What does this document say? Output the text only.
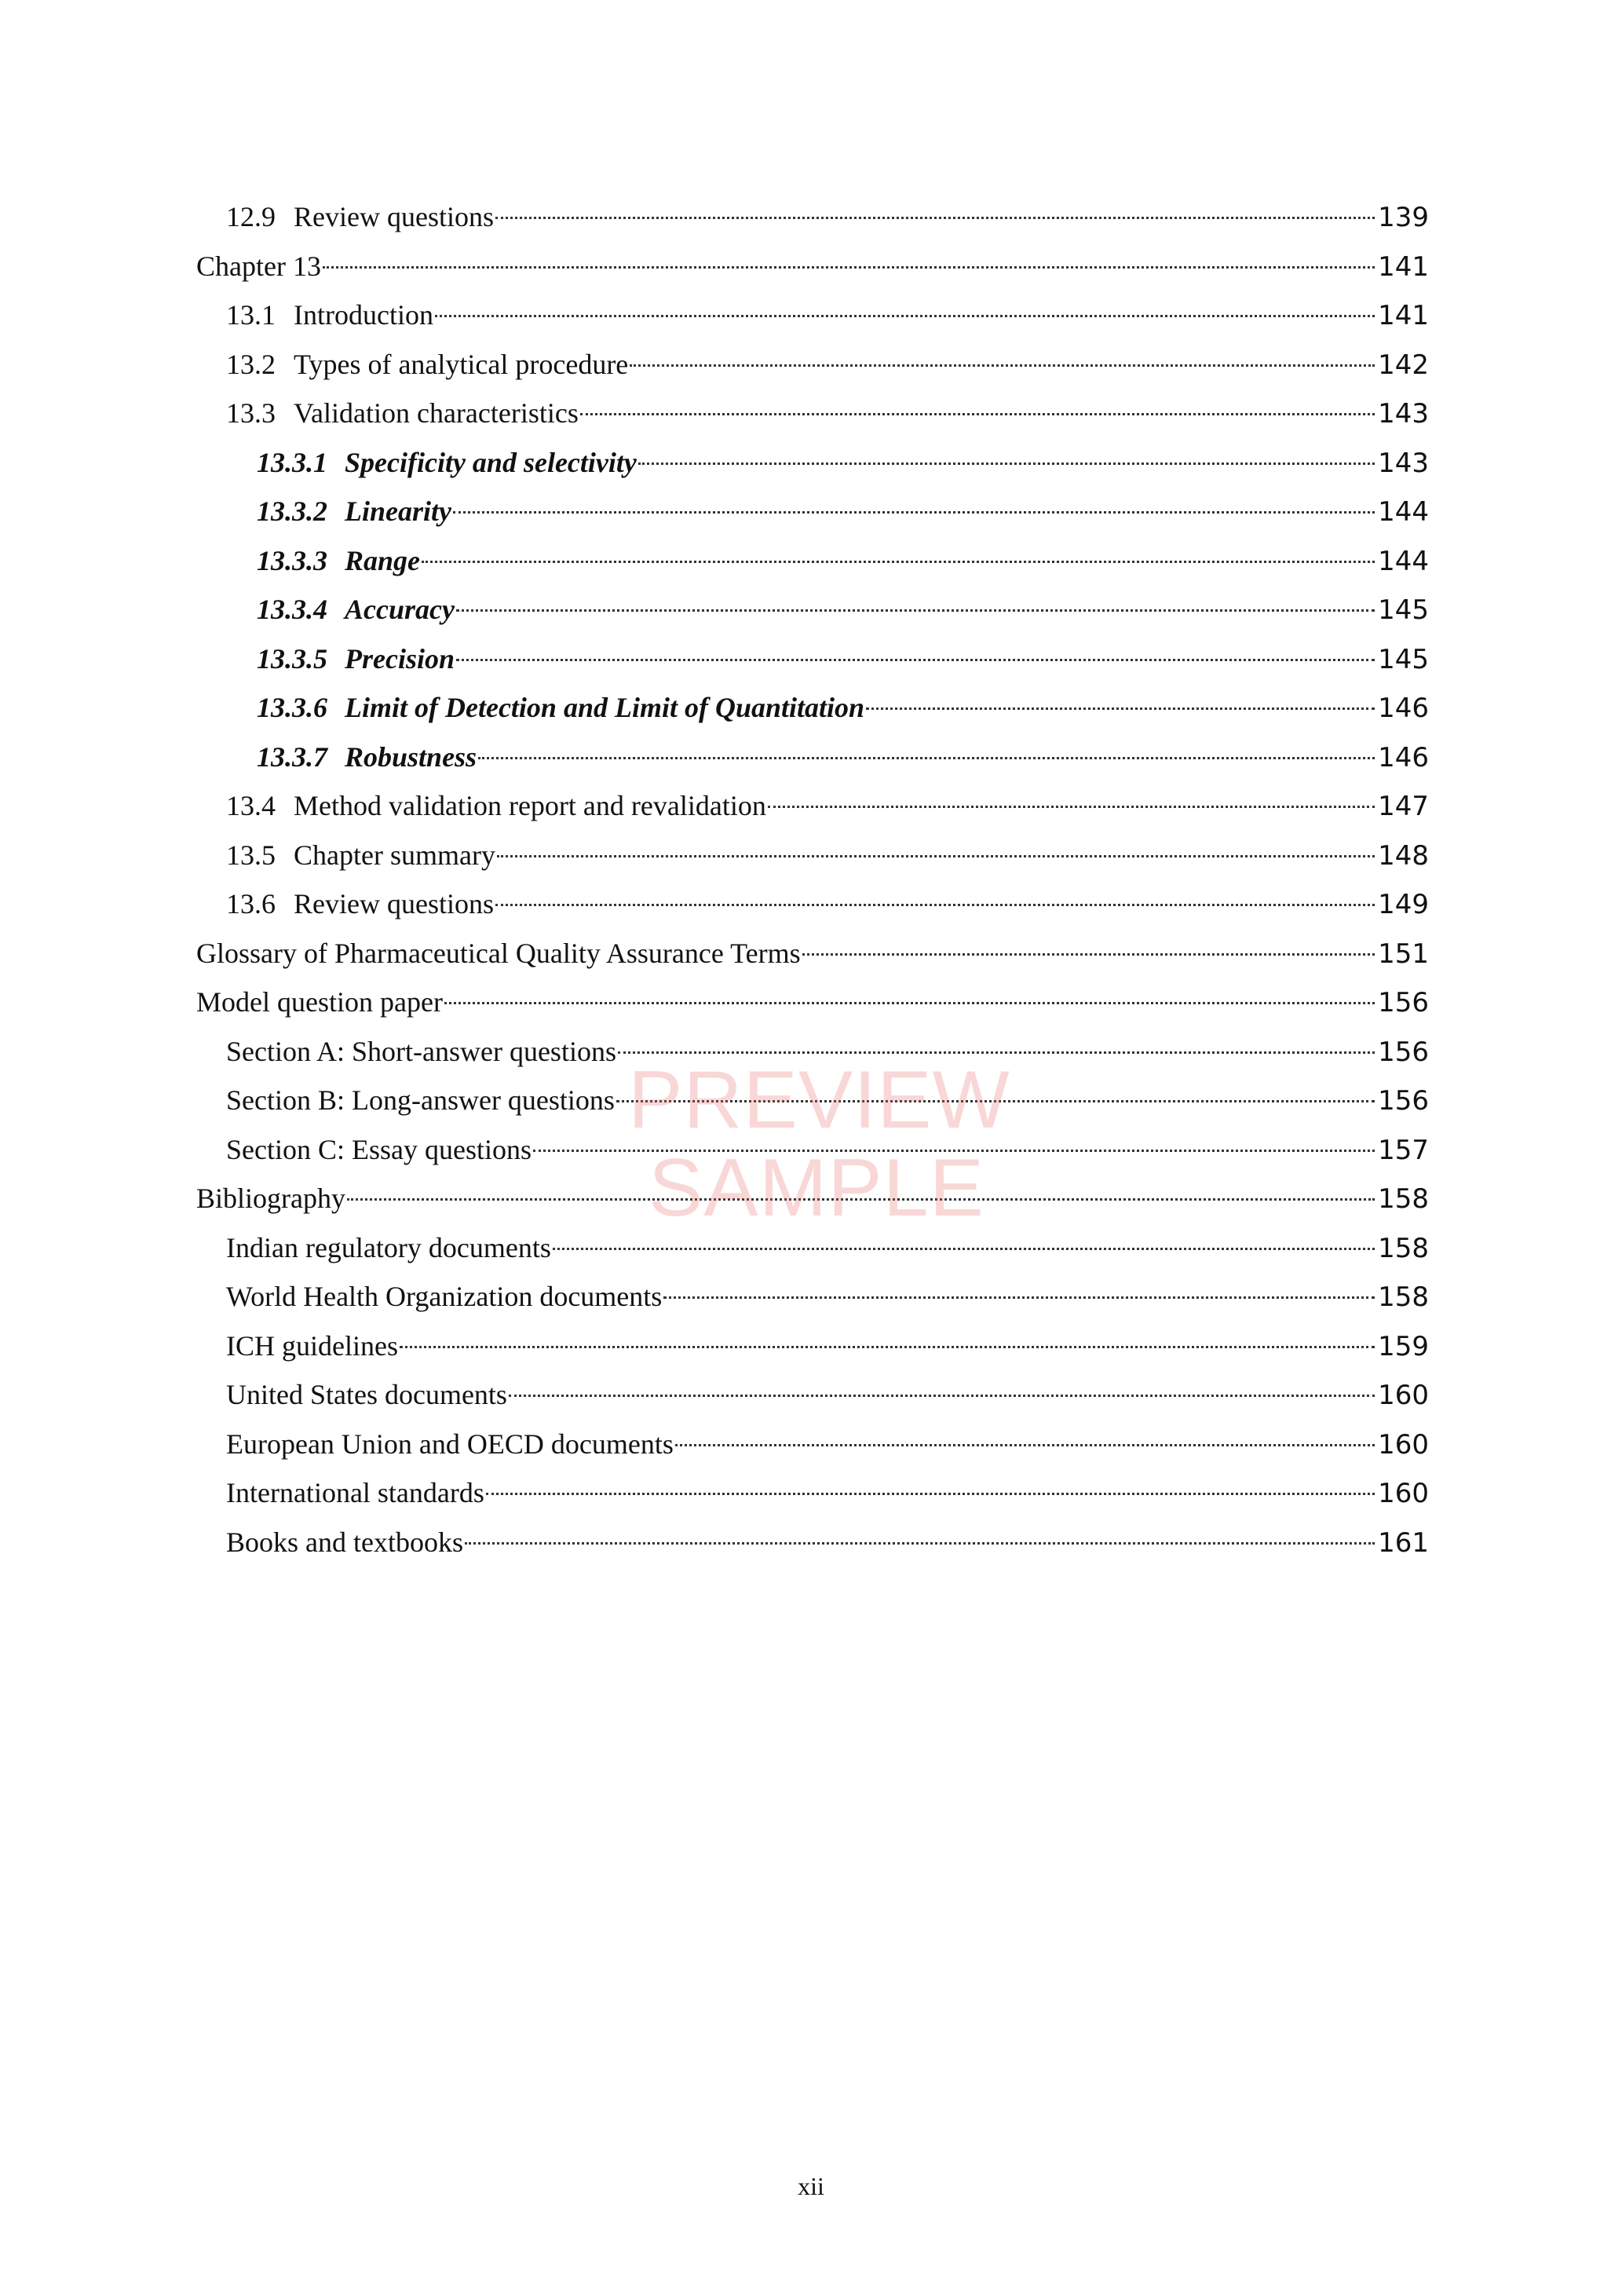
12.9 Review questions	139
Chapter 13	141
13.1 Introduction	141
13.2 Types of analytical procedure	142
13.3 Validation characteristics	143
13.3.1 Specificity and selectivity	143
13.3.2 Linearity	144
13.3.3 Range	144
13.3.4 Accuracy	145
13.3.5 Precision	145
13.3.6 Limit of Detection and Limit of Quantitation	146
13.3.7 Robustness	146
13.4 Method validation report and revalidation	147
13.5 Chapter summary	148
13.6 Review questions	149
Glossary of Pharmaceutical Quality Assurance Terms	151
Model question paper	156
Section A: Short-answer questions	156
Section B: Long-answer questions	156
Section C: Essay questions	157
Bibliography	158
Indian regulatory documents	158
World Health Organization documents	158
ICH guidelines	159
United States documents	160
European Union and OECD documents	160
International standards	160
Books and textbooks	161
PREVIEW
SAMPLE
xii
